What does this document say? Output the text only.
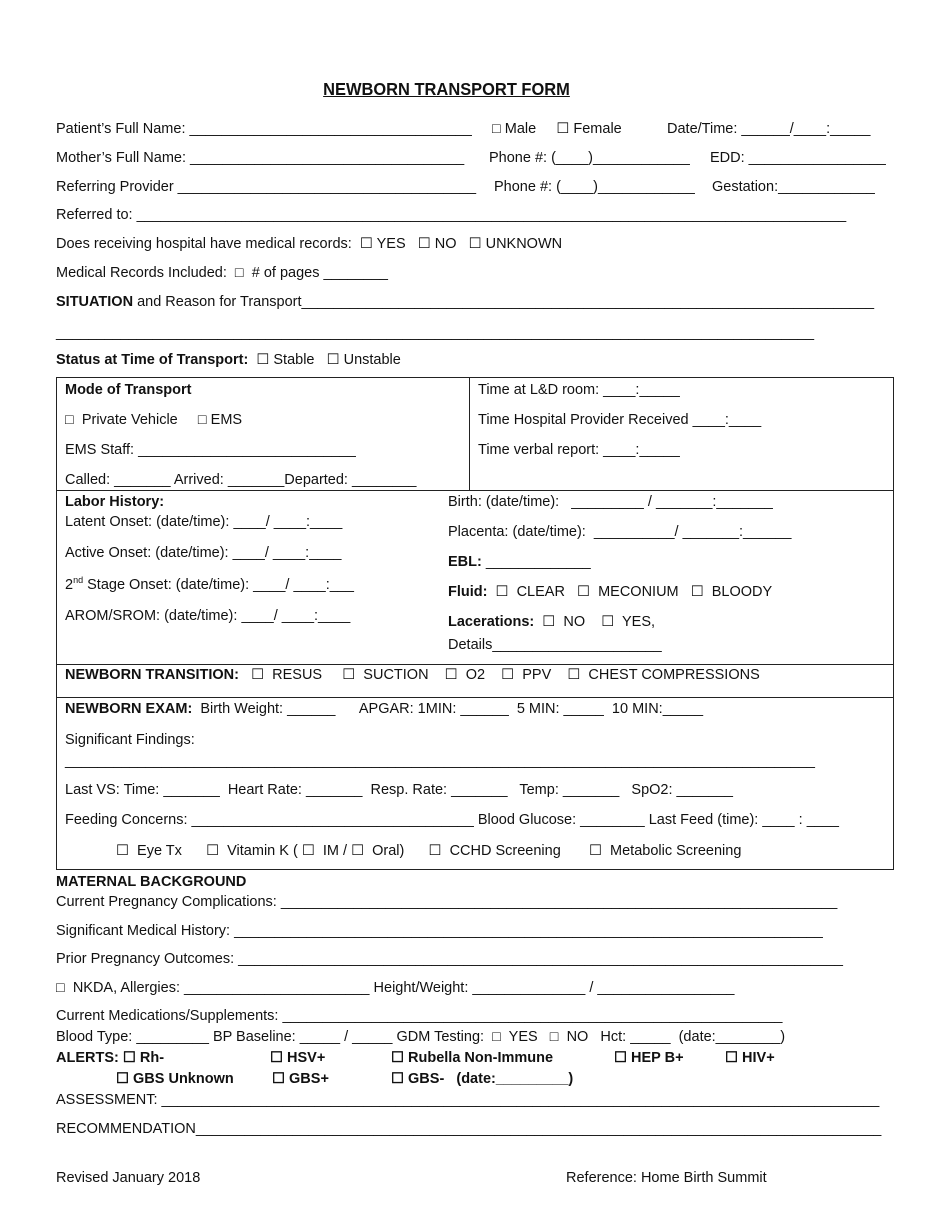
NEWBORN TRANSPORT FORM
Patient’s Full Name: ___________________________________ □ Male     ☐ Female	Date/Time: ______/____:_____
Mother’s Full Name: __________________________________ Phone #: (____)____________ EDD: _________________
Referring Provider _____________________________________ Phone #: (____)____________ Gestation:____________
Referred to: ________________________________________________________________________________________
Does receiving hospital have medical records:  ☐ YES   ☐ NO   ☐ UNKNOWN
Medical Records Included:  □  # of pages ________
SITUATION and Reason for Transport_______________________________________________________________________
______________________________________________________________________________________________
Status at Time of Transport:  ☐ Stable   ☐ Unstable
Mode of Transport
□  Private Vehicle     □ EMS
EMS Staff: ___________________________
Called: _______ Arrived: _______Departed: ________
Time at L&D room: ____:_____
Time Hospital Provider Received ____:____
Time verbal report: ____:_____
Labor History:
Latent Onset: (date/time): ____/ ____:____
Active Onset: (date/time): ____/ ____:____
2nd Stage Onset: (date/time): ____/ ____:___
AROM/SROM: (date/time): ____/ ____:____
Birth: (date/time):   _________ / _______:_______
Placenta: (date/time):  __________/ _______:______
EBL: _____________
Fluid:  ☐  CLEAR   ☐  MECONIUM   ☐  BLOODY
Lacerations:  ☐  NO    ☐  YES,
Details_____________________
NEWBORN TRANSITION:   ☐  RESUS     ☐  SUCTION    ☐  O2    ☐  PPV    ☐  CHEST COMPRESSIONS
NEWBORN EXAM:  Birth Weight: ______      APGAR: 1MIN: ______  5 MIN: _____  10 MIN:_____
Significant Findings:
_____________________________________________________________________________________________
Last VS: Time: _______  Heart Rate: _______  Resp. Rate: _______   Temp: _______   SpO2: _______
Feeding Concerns: ___________________________________ Blood Glucose: ________ Last Feed (time): ____ : ____
☐  Eye Tx      ☐  Vitamin K ( ☐  IM / ☐  Oral)      ☐  CCHD Screening       ☐  Metabolic Screening
MATERNAL BACKGROUND
Current Pregnancy Complications: _____________________________________________________________________
Significant Medical History: _________________________________________________________________________
Prior Pregnancy Outcomes: ___________________________________________________________________________
□  NKDA, Allergies: _______________________ Height/Weight: ______________ / _________________
Current Medications/Supplements: ______________________________________________________________
Blood Type: _________ BP Baseline: _____ / _____ GDM Testing:  □  YES   □  NO   Hct: _____  (date:________)
ALERTS: ☐ Rh-	☐ HSV+	☐ Rubella Non-Immune	☐ HEP B+	☐ HIV+
☐ GBS Unknown	☐ GBS+	☐ GBS-   (date:_________)
ASSESSMENT: _________________________________________________________________________________________
RECOMMENDATION_____________________________________________________________________________________
Revised January 2018	Reference: Home Birth Summit
